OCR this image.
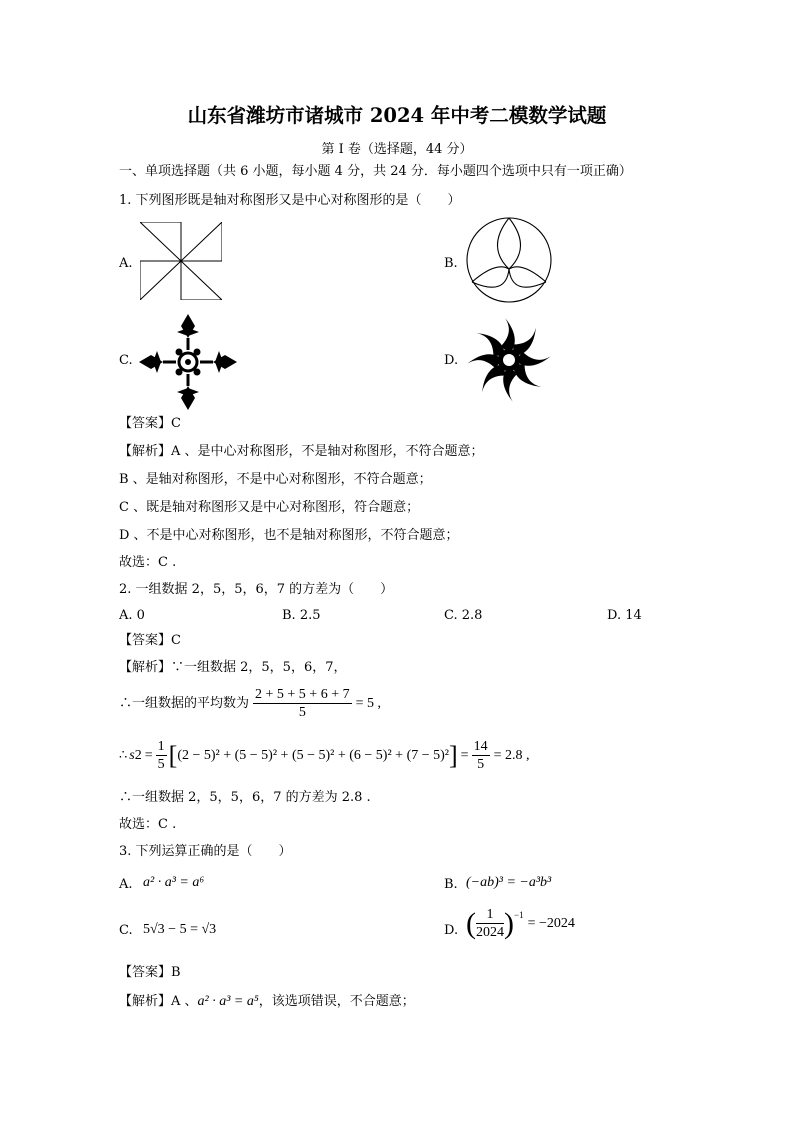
山东省潍坊市诸城市 2024 年中考二模数学试题
第 I 卷（选择题，44 分）
一、单项选择题（共 6 小题，每小题 4 分，共 24 分．每小题四个选项中只有一项正确）
1. 下列图形既是轴对称图形又是中心对称图形的是（　　）
A.	B.
C.	D.
【答案】C
【解析】A 、是中心对称图形，不是轴对称图形，不符合题意；
B 、是轴对称图形，不是中心对称图形，不符合题意；
C 、既是轴对称图形又是中心对称图形，符合题意；
D 、不是中心对称图形，也不是轴对称图形，不符合题意；
故选：C .
2. 一组数据 2，5，5，6，7 的方差为（　　）
A. 0	B. 2.5	C. 2.8	D. 14
【答案】C
【解析】∵一组数据 2，5，5，6，7，
∴一组数据的平均数为 $\frac{2 + 5 + 5 + 6 + 7}{5} = 5$ ,
∴ s $2 = \frac{1}{5}$ [ (2 − 5)² + (5 − 5)² + (5 − 5)² + (6 − 5)² + (7 − 5)² ] = $\frac{14}{5} = 2.8$ ,
∴一组数据 2，5，5，6，7 的方差为 2.8 .
故选：C .
3. 下列运算正确的是（　　）
A. a² · a³ = a⁶	B. (−ab)³ = −a³b³
C. 5√3 − 5 = √3	D. ( $\frac{1}{2024} )^{-1}$
= −2024
【答案】B
【解析】A 、a² · a³ = a⁵，该选项错误，不合题意；
